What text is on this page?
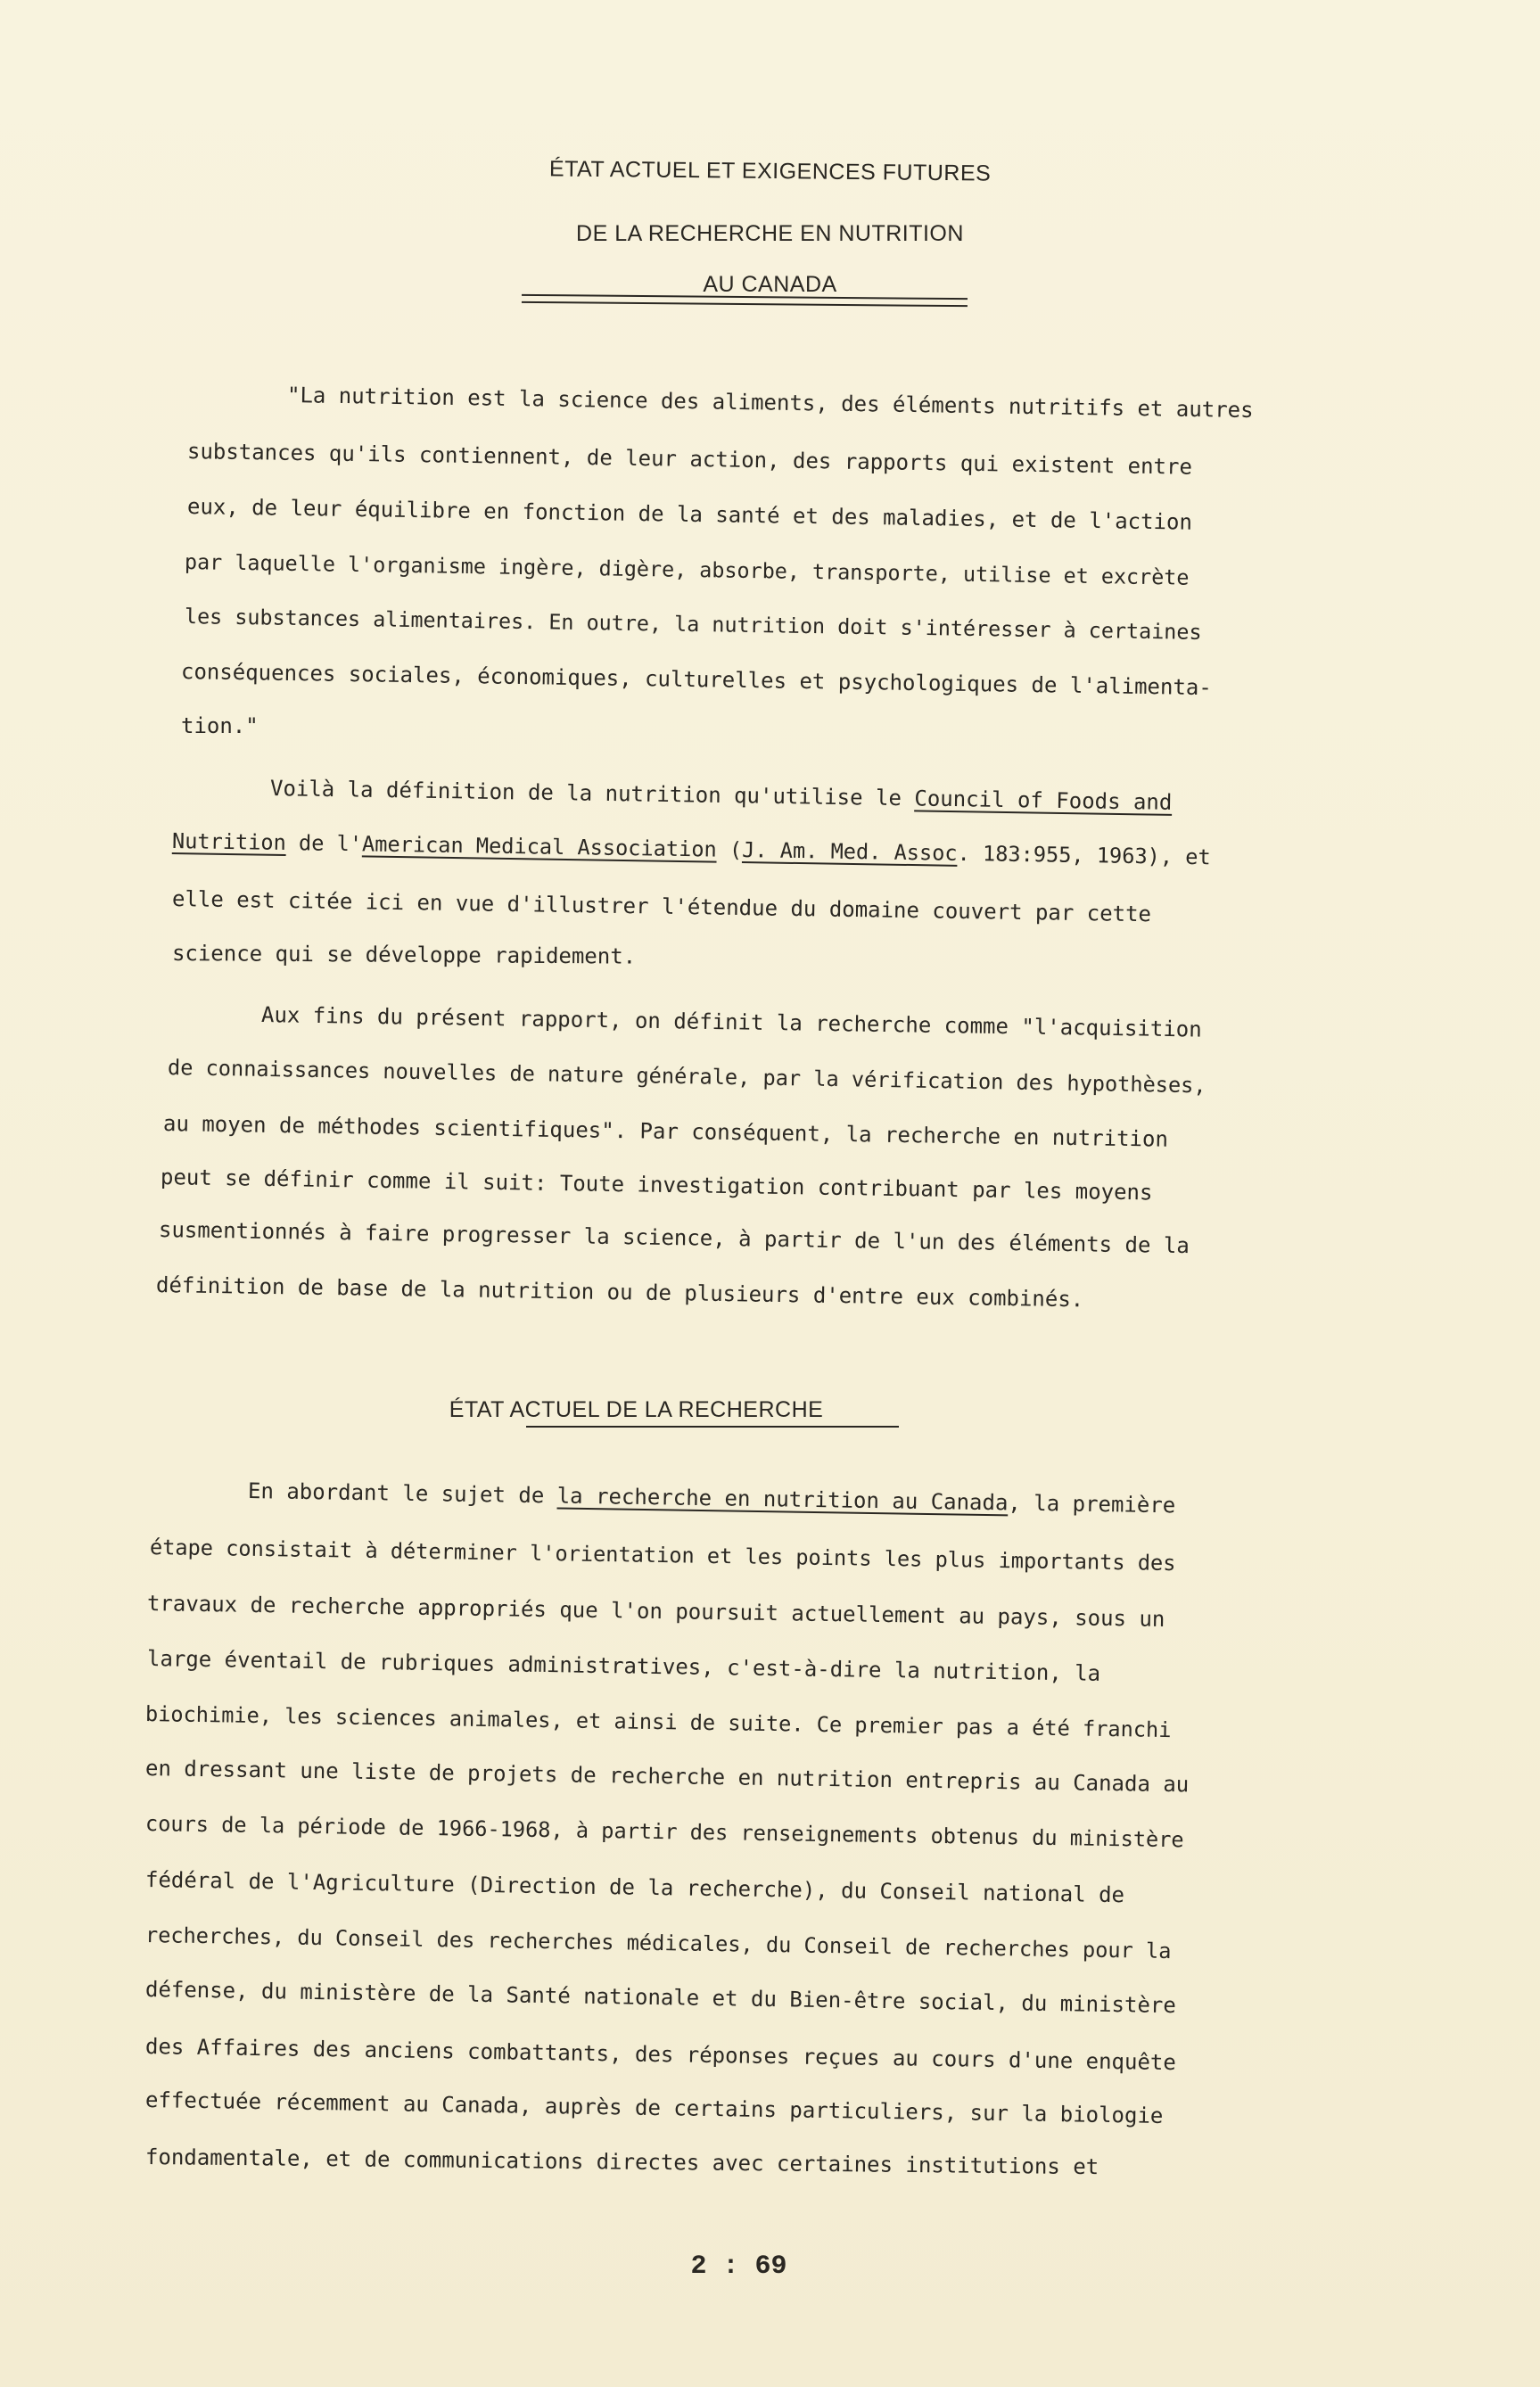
ÉTAT ACTUEL ET EXIGENCES FUTURES
DE LA RECHERCHE EN NUTRITION
AU CANADA
"La nutrition est la science des aliments, des éléments nutritifs et autres
substances qu'ils contiennent, de leur action, des rapports qui existent entre
eux, de leur équilibre en fonction de la santé et des maladies, et de l'action
par laquelle l'organisme ingère, digère, absorbe, transporte, utilise et excrète
les substances alimentaires. En outre, la nutrition doit s'intéresser à certaines
conséquences sociales, économiques, culturelles et psychologiques de l'alimenta-
tion."
Voilà la définition de la nutrition qu'utilise le Council of Foods and
Nutrition de l'American Medical Association (J. Am. Med. Assoc. 183:955, 1963), et
elle est citée ici en vue d'illustrer l'étendue du domaine couvert par cette
science qui se développe rapidement.
Aux fins du présent rapport, on définit la recherche comme "l'acquisition
de connaissances nouvelles de nature générale, par la vérification des hypothèses,
au moyen de méthodes scientifiques". Par conséquent, la recherche en nutrition
peut se définir comme il suit: Toute investigation contribuant par les moyens
susmentionnés à faire progresser la science, à partir de l'un des éléments de la
définition de base de la nutrition ou de plusieurs d'entre eux combinés.
ÉTAT ACTUEL DE LA RECHERCHE
En abordant le sujet de la recherche en nutrition au Canada, la première
étape consistait à déterminer l'orientation et les points les plus importants des
travaux de recherche appropriés que l'on poursuit actuellement au pays, sous un
large éventail de rubriques administratives, c'est-à-dire la nutrition, la
biochimie, les sciences animales, et ainsi de suite. Ce premier pas a été franchi
en dressant une liste de projets de recherche en nutrition entrepris au Canada au
cours de la période de 1966-1968, à partir des renseignements obtenus du ministère
fédéral de l'Agriculture (Direction de la recherche), du Conseil national de
recherches, du Conseil des recherches médicales, du Conseil de recherches pour la
défense, du ministère de la Santé nationale et du Bien-être social, du ministère
des Affaires des anciens combattants, des réponses reçues au cours d'une enquête
effectuée récemment au Canada, auprès de certains particuliers, sur la biologie
fondamentale, et de communications directes avec certaines institutions et
2 : 69
